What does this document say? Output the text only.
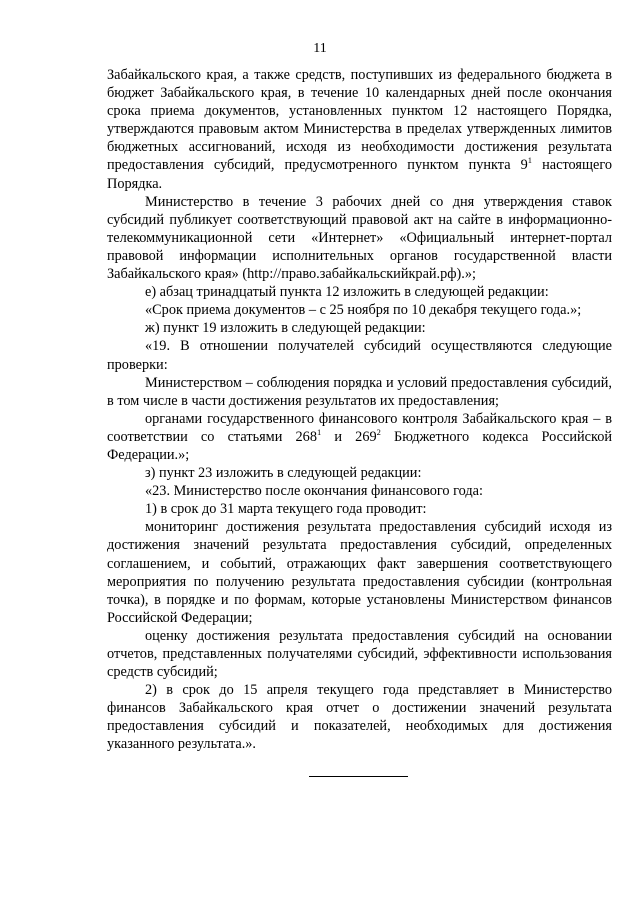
11

Забайкальского края, а также средств, поступивших из федерального бюджета в бюджет Забайкальского края, в течение 10 календарных дней после окончания срока приема документов, установленных пунктом 12 настоящего Порядка, утверждаются правовым актом Министерства в пределах утвержденных лимитов бюджетных ассигнований, исходя из необходимости достижения результата предоставления субсидий, предусмотренного пунктом пункта $9^1$ настоящего Порядка.

Министерство в течение 3 рабочих дней со дня утверждения ставок субсидий публикует соответствующий правовой акт на сайте в информационно-телекоммуникационной сети «Интернет» «Официальный интернет-портал правовой информации исполнительных органов государственной власти Забайкальского края» (http://право.забайкальскийкрай.рф).»;

е) абзац тринадцатый пункта 12 изложить в следующей редакции:

«Срок приема документов – с 25 ноября по 10 декабря текущего года.»;

ж) пункт 19 изложить в следующей редакции:

«19. В отношении получателей субсидий осуществляются следующие проверки:

Министерством – соблюдения порядка и условий предоставления субсидий, в том числе в части достижения результатов их предоставления;

органами государственного финансового контроля Забайкальского края – в соответствии со статьями $268^1$ и $269^2$ Бюджетного кодекса Российской Федерации.»;

з) пункт 23 изложить в следующей редакции:

«23. Министерство после окончания финансового года:

1) в срок до 31 марта текущего года проводит:

мониторинг достижения результата предоставления субсидий исходя из достижения значений результата предоставления субсидий, определенных соглашением, и событий, отражающих факт завершения соответствующего мероприятия по получению результата предоставления субсидии (контрольная точка), в порядке и по формам, которые установлены Министерством финансов Российской Федерации;

оценку достижения результата предоставления субсидий на основании отчетов, представленных получателями субсидий, эффективности использования средств субсидий;

2) в срок до 15 апреля текущего года представляет в Министерство финансов Забайкальского края отчет о достижении значений результата предоставления субсидий и показателей, необходимых для достижения указанного результата.».
